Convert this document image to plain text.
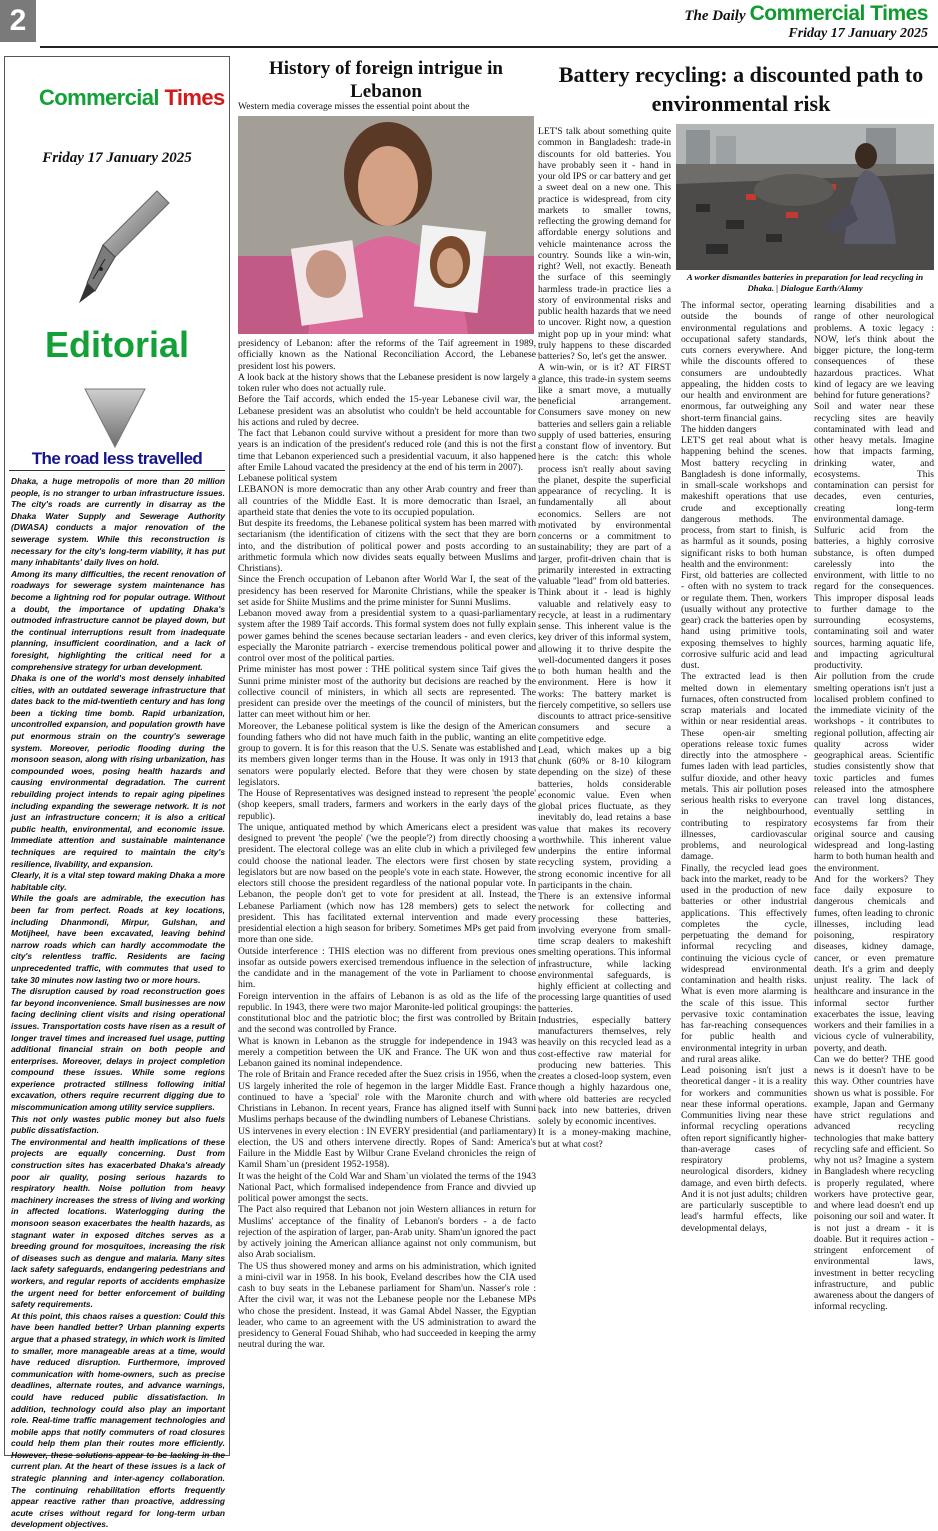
2	The Daily Commercial Times
Friday 17 January 2025
Commercial Times
Friday 17 January 2025
Editorial
The road less travelled

Dhaka, a huge metropolis of more than 20 million people, is no stranger to urban infrastructure issues. The city's roads are currently in disarray as the Dhaka Water Supply and Sewerage Authority (DWASA) conducts a major renovation of the sewerage system. While this reconstruction is necessary for the city's long-term viability, it has put many inhabitants' daily lives on hold.

Among its many difficulties, the recent renovation of roadways for sewerage system maintenance has become a lightning rod for popular outrage. Without a doubt, the importance of updating Dhaka's outmoded infrastructure cannot be played down, but the continual interruptions result from inadequate planning, insufficient coordination, and a lack of foresight, highlighting the critical need for a comprehensive strategy for urban development.

Dhaka is one of the world's most densely inhabited cities, with an outdated sewerage infrastructure that dates back to the mid-twentieth century and has long been a ticking time bomb. Rapid urbanization, uncontrolled expansion, and population growth have put enormous strain on the country's sewerage system. Moreover, periodic flooding during the monsoon season, along with rising urbanization, has compounded woes, posing health hazards and causing environmental degradation. The current rebuilding project intends to repair aging pipelines including expanding the sewerage network. It is not just an infrastructure concern; it is also a critical public health, environmental, and economic issue. Immediate attention and sustainable maintenance techniques are required to maintain the city's resilience, livability, and expansion.

Clearly, it is a vital step toward making Dhaka a more habitable city.

While the goals are admirable, the execution has been far from perfect. Roads at key locations, including Dhanmondi, Mirpur, Gulshan, and Motijheel, have been excavated, leaving behind narrow roads which can hardly accommodate the city's relentless traffic. Residents are facing unprecedented traffic, with commutes that used to take 30 minutes now lasting two or more hours.

The disruption caused by road reconstruction goes far beyond inconvenience. Small businesses are now facing declining client visits and rising operational issues. Transportation costs have risen as a result of longer travel times and increased fuel usage, putting additional financial strain on both people and enterprises. Moreover, delays in project completion compound these issues. While some regions experience protracted stillness following initial excavation, others require recurrent digging due to miscommunication among utility service suppliers.

This not only wastes public money but also fuels public dissatisfaction.

The environmental and health implications of these projects are equally concerning. Dust from construction sites has exacerbated Dhaka's already poor air quality, posing serious hazards to respiratory health. Noise pollution from heavy machinery increases the stress of living and working in affected locations. Waterlogging during the monsoon season exacerbates the health hazards, as stagnant water in exposed ditches serves as a breeding ground for mosquitoes, increasing the risk of diseases such as dengue and malaria. Many sites lack safety safeguards, endangering pedestrians and workers, and regular reports of accidents emphasize the urgent need for better enforcement of building safety requirements.

At this point, this chaos raises a question: Could this have been handled better? Urban planning experts argue that a phased strategy, in which work is limited to smaller, more manageable areas at a time, would have reduced disruption. Furthermore, improved communication with home-owners, such as precise deadlines, alternate routes, and advance warnings, could have reduced public dissatisfaction. In addition, technology could also play an important role. Real-time traffic management technologies and mobile apps that notify commuters of road closures could help them plan their routes more efficiently. However, these solutions appear to be lacking in the current plan. At the heart of these issues is a lack of strategic planning and inter-agency collaboration. The continuing rehabilitation efforts frequently appear reactive rather than proactive, addressing acute crises without regard for long-term urban development objectives.

History of foreign intrigue in Lebanon
Western media coverage misses the essential point about the

presidency of Lebanon: after the reforms of the Taif agreement in 1989, officially known as the National Reconciliation Accord, the Lebanese president lost his powers.

A look back at the history shows that the Lebanese president is now largely a token ruler who does not actually rule.

Before the Taif accords, which ended the 15-year Lebanese civil war, the Lebanese president was an absolutist who couldn't be held accountable for his actions and ruled by decree.

The fact that Lebanon could survive without a president for more than two years is an indication of the president's reduced role (and this is not the first time that Lebanon experienced such a presidential vacuum, it also happened after Emile Lahoud vacated the presidency at the end of his term in 2007).

Lebanese political system

LEBANON is more democratic than any other Arab country and freer than all countries of the Middle East. It is more democratic than Israel, an apartheid state that denies the vote to its occupied population.

But despite its freedoms, the Lebanese political system has been marred with sectarianism (the identification of citizens with the sect that they are born into, and the distribution of political power and posts according to an arithmetic formula which now divides seats equally between Muslims and Christians).

Since the French occupation of Lebanon after World War I, the seat of the presidency has been reserved for Maronite Christians, while the speaker is set aside for Shiite Muslims and the prime minister for Sunni Muslims.

Lebanon moved away from a presidential system to a quasi-parliamentary system after the 1989 Taif accords. This formal system does not fully explain power games behind the scenes because sectarian leaders - and even clerics, especially the Maronite patriarch - exercise tremendous political power and control over most of the political parties.

Prime minister has most power : THE political system since Taif gives the Sunni prime minister most of the authority but decisions are reached by the collective council of ministers, in which all sects are represented. The president can preside over the meetings of the council of ministers, but the latter can meet without him or her.

Moreover, the Lebanese political system is like the design of the American founding fathers who did not have much faith in the public, wanting an elite group to govern. It is for this reason that the U.S. Senate was established and its members given longer terms than in the House. It was only in 1913 that senators were popularly elected. Before that they were chosen by state legislators.

The House of Representatives was designed instead to represent 'the people' (shop keepers, small traders, farmers and workers in the early days of the republic).

The unique, antiquated method by which Americans elect a president was designed to prevent 'the people' ('we the people'?) from directly choosing a president. The electoral college was an elite club in which a privileged few could choose the national leader. The electors were first chosen by state legislators but are now based on the people's vote in each state. However, the electors still choose the president regardless of the national popular vote. In Lebanon, the people don't get to vote for president at all. Instead, the Lebanese Parliament (which now has 128 members) gets to select the president. This has facilitated external intervention and made every presidential election a high season for bribery. Sometimes MPs get paid from more than one side.

Outside interference : THIS election was no different from previous ones insofar as outside powers exercised tremendous influence in the selection of the candidate and in the management of the vote in Parliament to choose him.

Foreign intervention in the affairs of Lebanon is as old as the life of the republic. In 1943, there were two major Maronite-led political groupings: the constitutional bloc and the patriotic bloc; the first was controlled by Britain and the second was controlled by France.

What is known in Lebanon as the struggle for independence in 1943 was merely a competition between the UK and France. The UK won and thus Lebanon gained its nominal independence.

The role of Britain and France receded after the Suez crisis in 1956, when the US largely inherited the role of hegemon in the larger Middle East. France continued to have a 'special' role with the Maronite church and with Christians in Lebanon. In recent years, France has aligned itself with Sunni Muslims perhaps because of the dwindling numbers of Lebanese Christians.

US intervenes in every election : IN EVERY presidential (and parliamentary) election, the US and others intervene directly. Ropes of Sand: America's Failure in the Middle East by Wilbur Crane Eveland chronicles the reign of Kamil Sham`un (president 1952-1958).

It was the height of the Cold War and Sham`un violated the terms of the 1943 National Pact, which formalised independence from France and divvied up political power amongst the sects.

The Pact also required that Lebanon not join Western alliances in return for Muslims' acceptance of the finality of Lebanon's borders - a de facto rejection of the aspiration of larger, pan-Arab unity. Sham'un ignored the pact by actively joining the American alliance against not only communism, but also Arab socialism.

The US thus showered money and arms on his administration, which ignited a mini-civil war in 1958. In his book, Eveland describes how the CIA used cash to buy seats in the Lebanese parliament for Sham'un. Nasser's role : After the civil war, it was not the Lebanese people nor the Lebanese MPs who chose the president. Instead, it was Gamal Abdel Nasser, the Egyptian leader, who came to an agreement with the US administration to award the presidency to General Fouad Shihab, who had succeeded in keeping the army neutral during the war.

Battery recycling: a discounted path to environmental risk
A worker dismantles batteries in preparation for lead recycling in Dhaka. | Dialogue Earth/Alamy

LET'S talk about something quite common in Bangladesh: trade-in discounts for old batteries. You have probably seen it - hand in your old IPS or car battery and get a sweet deal on a new one. This practice is widespread, from city markets to smaller towns, reflecting the growing demand for affordable energy solutions and vehicle maintenance across the country. Sounds like a win-win, right? Well, not exactly. Beneath the surface of this seemingly harmless trade-in practice lies a story of environmental risks and public health hazards that we need to uncover. Right now, a question might pop up in your mind: what truly happens to these discarded batteries? So, let's get the answer.

A win-win, or is it? AT FIRST glance, this trade-in system seems like a smart move, a mutually beneficial arrangement. Consumers save money on new batteries and sellers gain a reliable supply of used batteries, ensuring a constant flow of inventory. But here is the catch: this whole process isn't really about saving the planet, despite the superficial appearance of recycling. It is fundamentally all about economics. Sellers are not motivated by environmental concerns or a commitment to sustainability; they are part of a larger, profit-driven chain that is primarily interested in extracting valuable "lead" from old batteries.

Think about it - lead is highly valuable and relatively easy to recycle, at least in a rudimentary sense. This inherent value is the key driver of this informal system, allowing it to thrive despite the well-documented dangers it poses to both human health and the environment. Here is how it works: The battery market is fiercely competitive, so sellers use discounts to attract price-sensitive consumers and secure a competitive edge.

Lead, which makes up a big chunk (60% or 8-10 kilogram depending on the size) of these batteries, holds considerable economic value. Even when global prices fluctuate, as they inevitably do, lead retains a base value that makes its recovery worthwhile. This inherent value underpins the entire informal recycling system, providing a strong economic incentive for all participants in the chain.

There is an extensive informal network for collecting and processing these batteries, involving everyone from small-time scrap dealers to makeshift smelting operations. This informal infrastructure, while lacking environmental safeguards, is highly efficient at collecting and processing large quantities of used batteries.

Industries, especially battery manufacturers themselves, rely heavily on this recycled lead as a cost-effective raw material for producing new batteries. This creates a closed-loop system, even though a highly hazardous one, where old batteries are recycled back into new batteries, driven solely by economic incentives.

It is a money-making machine, but at what cost?

The informal sector, operating outside the bounds of environmental regulations and occupational safety standards, cuts corners everywhere. And while the discounts offered to consumers are undoubtedly appealing, the hidden costs to our health and environment are enormous, far outweighing any short-term financial gains.

The hidden dangers

LET'S get real about what is happening behind the scenes. Most battery recycling in Bangladesh is done informally, in small-scale workshops and makeshift operations that use crude and exceptionally dangerous methods. The process, from start to finish, is as harmful as it sounds, posing significant risks to both human health and the environment:

First, old batteries are collected - often with no system to track or regulate them. Then, workers (usually without any protective gear) crack the batteries open by hand using primitive tools, exposing themselves to highly corrosive sulfuric acid and lead dust.

The extracted lead is then melted down in elementary furnaces, often constructed from scrap materials and located within or near residential areas. These open-air smelting operations release toxic fumes directly into the atmosphere - fumes laden with lead particles, sulfur dioxide, and other heavy metals. This air pollution poses serious health risks to everyone in the neighbourhood, contributing to respiratory illnesses, cardiovascular problems, and neurological damage.

Finally, the recycled lead goes back into the market, ready to be used in the production of new batteries or other industrial applications. This effectively completes the cycle, perpetuating the demand for informal recycling and continuing the vicious cycle of widespread environmental contamination and health risks. What is even more alarming is the scale of this issue. This pervasive toxic contamination has far-reaching consequences for public health and environmental integrity in urban and rural areas alike.

Lead poisoning isn't just a theoretical danger - it is a reality for workers and communities near these informal operations. Communities living near these informal recycling operations often report significantly higher-than-average cases of respiratory problems, neurological disorders, kidney damage, and even birth defects. And it is not just adults; children are particularly susceptible to lead's harmful effects, like developmental delays,

learning disabilities and a range of other neurological problems. A toxic legacy : NOW, let's think about the bigger picture, the long-term consequences of these hazardous practices. What kind of legacy are we leaving behind for future generations?

Soil and water near these recycling sites are heavily contaminated with lead and other heavy metals. Imagine how that impacts farming, drinking water, and ecosystems. This contamination can persist for decades, even centuries, creating long-term environmental damage.

Sulfuric acid from the batteries, a highly corrosive substance, is often dumped carelessly into the environment, with little to no regard for the consequences. This improper disposal leads to further damage to the surrounding ecosystems, contaminating soil and water sources, harming aquatic life, and impacting agricultural productivity.

Air pollution from the crude smelting operations isn't just a localised problem confined to the immediate vicinity of the workshops - it contributes to regional pollution, affecting air quality across wider geographical areas. Scientific studies consistently show that toxic particles and fumes released into the atmosphere can travel long distances, eventually settling in ecosystems far from their original source and causing widespread and long-lasting harm to both human health and the environment.

And for the workers? They face daily exposure to dangerous chemicals and fumes, often leading to chronic illnesses, including lead poisoning, respiratory diseases, kidney damage, cancer, or even premature death. It's a grim and deeply unjust reality. The lack of healthcare and insurance in the informal sector further exacerbates the issue, leaving workers and their families in a vicious cycle of vulnerability, poverty, and death.

Can we do better? THE good news is it doesn't have to be this way. Other countries have shown us what is possible. For example, Japan and Germany have strict regulations and advanced recycling technologies that make battery recycling safe and efficient. So why not us? Imagine a system in Bangladesh where recycling is properly regulated, where workers have protective gear, and where lead doesn't end up poisoning our soil and water. It is not just a dream - it is doable. But it requires action - stringent enforcement of environmental laws, investment in better recycling infrastructure, and public awareness about the dangers of informal recycling.
